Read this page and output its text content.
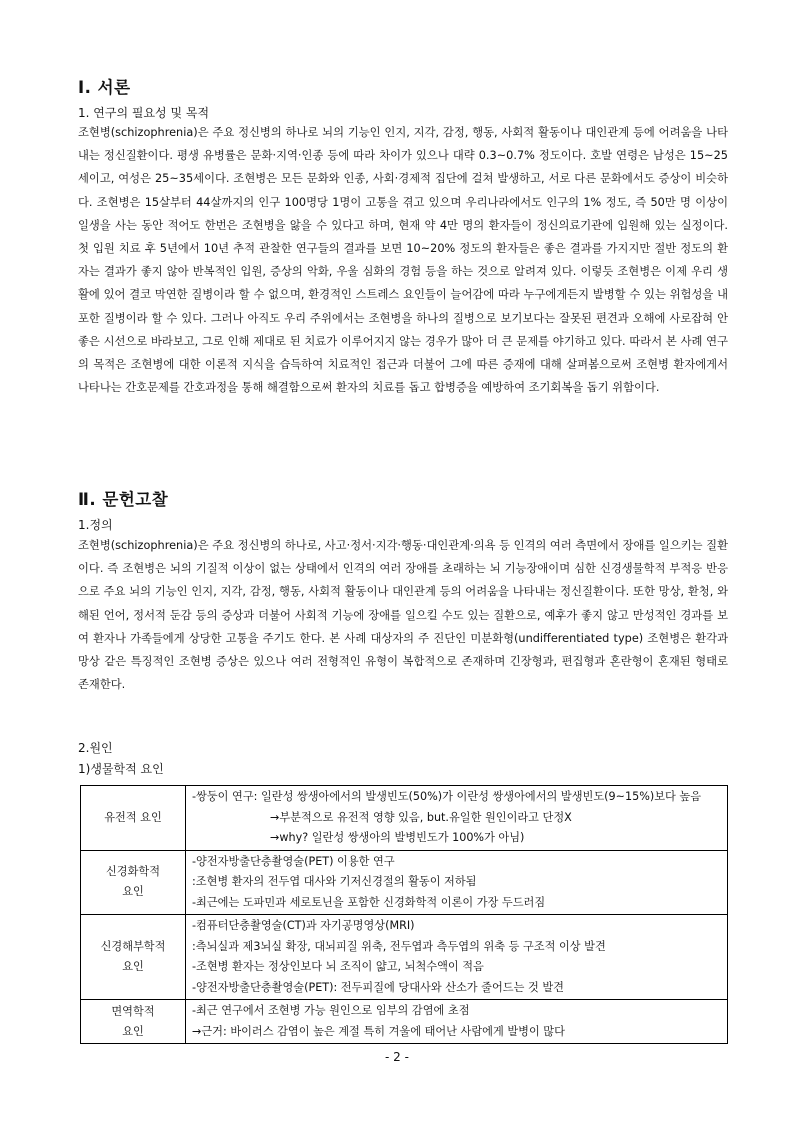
Ⅰ. 서론
1. 연구의 필요성 및 목적
조현병(schizophrenia)은 주요 정신병의 하나로 뇌의 기능인 인지, 지각, 감정, 행동, 사회적 활동이나 대인관계 등에 어려움을 나타내는 정신질환이다. 평생 유병률은 문화·지역·인종 등에 따라 차이가 있으나 대략 0.3~0.7% 정도이다. 호발 연령은 남성은 15~25세이고, 여성은 25~35세이다. 조현병은 모든 문화와 인종, 사회·경제적 집단에 걸쳐 발생하고, 서로 다른 문화에서도 증상이 비슷하다. 조현병은 15살부터 44살까지의 인구 100명당 1명이 고통을 겪고 있으며 우리나라에서도 인구의 1% 정도, 즉 50만 명 이상이 일생을 사는 동안 적어도 한번은 조현병을 앓을 수 있다고 하며, 현재 약 4만 명의 환자들이 정신의료기관에 입원해 있는 실정이다. 첫 입원 치료 후 5년에서 10년 추적 관찰한 연구들의 결과를 보면 10~20% 정도의 환자들은 좋은 결과를 가지지만 절반 정도의 환자는 결과가 좋지 않아 반복적인 입원, 증상의 악화, 우울 심화의 경험 등을 하는 것으로 알려져 있다. 이렇듯 조현병은 이제 우리 생활에 있어 결코 막연한 질병이라 할 수 없으며, 환경적인 스트레스 요인들이 늘어감에 따라 누구에게든지 발병할 수 있는 위험성을 내포한 질병이라 할 수 있다. 그러나 아직도 우리 주위에서는 조현병을 하나의 질병으로 보기보다는 잘못된 편견과 오해에 사로잡혀 안 좋은 시선으로 바라보고, 그로 인해 제대로 된 치료가 이루어지지 않는 경우가 많아 더 큰 문제를 야기하고 있다. 따라서 본 사례 연구의 목적은 조현병에 대한 이론적 지식을 습득하여 치료적인 접근과 더불어 그에 따른 증재에 대해 살펴봄으로써 조현병 환자에게서 나타나는 간호문제를 간호과정을 통해 해결함으로써 환자의 치료를 돕고 합병증을 예방하여 조기회복을 돕기 위함이다.
Ⅱ. 문헌고찰
1.정의
조현병(schizophrenia)은 주요 정신병의 하나로, 사고·정서·지각·행동·대인관계·의욕 등 인격의 여러 측면에서 장애를 일으키는 질환이다. 즉 조현병은 뇌의 기질적 이상이 없는 상태에서 인격의 여러 장애를 초래하는 뇌 기능장애이며 심한 신경생물학적 부적응 반응으로 주요 뇌의 기능인 인지, 지각, 감정, 행동, 사회적 활동이나 대인관계 등의 어려움을 나타내는 정신질환이다. 또한 망상, 환청, 와해된 언어, 정서적 둔감 등의 증상과 더불어 사회적 기능에 장애를 일으킬 수도 있는 질환으로, 예후가 좋지 않고 만성적인 경과를 보여 환자나 가족들에게 상당한 고통을 주기도 한다. 본 사례 대상자의 주 진단인 미분화형(undifferentiated type) 조현병은 환각과 망상 같은 특징적인 조현병 증상은 있으나 여러 전형적인 유형이 복합적으로 존재하며 긴장형과, 편집형과 혼란형이 혼재된 형태로 존재한다.
2.원인
1)생물학적 요인
유전적 요인	-쌍둥이 연구: 일란성 쌍생아에서의 발생빈도(50%)가 이란성 쌍생아에서의 발생빈도(9~15%)보다 높음
→부분적으로 유전적 영향 있음, but.유일한 원인이라고 단정X
→why? 일란성 쌍생아의 발병빈도가 100%가 아님)

신경화학적
요인	-양전자방출단층촬영술(PET) 이용한 연구
:조현병 환자의 전두엽 대사와 기저신경절의 활동이 저하됨
-최근에는 도파민과 세로토닌을 포함한 신경화학적 이론이 가장 두드러짐

신경해부학적
요인	-컴퓨터단층촬영술(CT)과 자기공명영상(MRI)
:측뇌실과 제3뇌실 확장, 대뇌피질 위축, 전두엽과 측두엽의 위축 등 구조적 이상 발견
-조현병 환자는 정상인보다 뇌 조직이 얇고, 뇌척수액이 적음
-양전자방출단층촬영술(PET): 전두피질에 당대사와 산소가 줄어드는 것 발견

면역학적
요인	-최근 연구에서 조현병 가능 원인으로 임부의 감염에 초점
→근거: 바이러스 감염이 높은 계절 특히 겨울에 태어난 사람에게 발병이 많다
- 2 -
